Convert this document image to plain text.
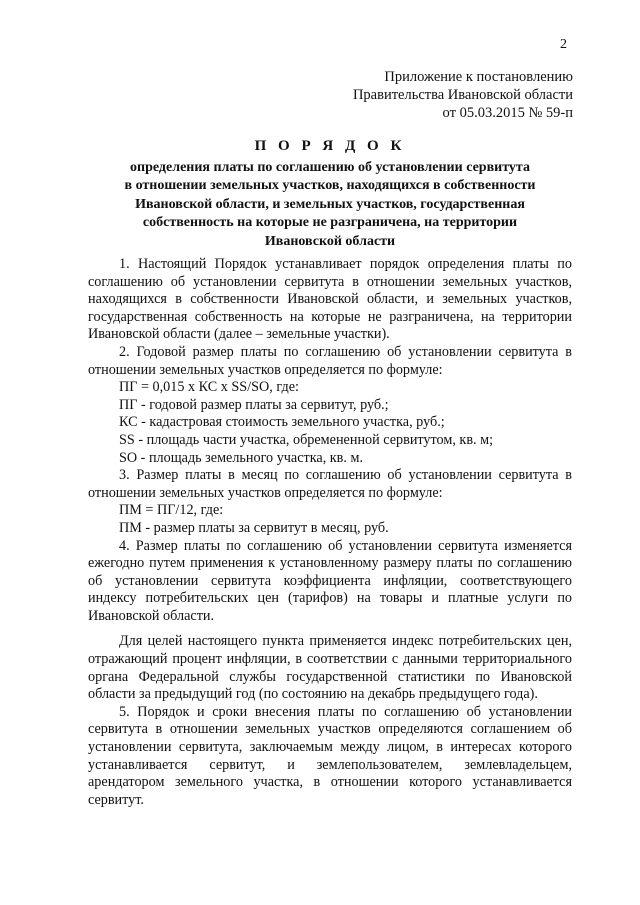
2
Приложение к постановлению
Правительства Ивановской области
от 05.03.2015 № 59-п
П О Р Я Д О К
определения платы по соглашению об установлении сервитута
в отношении земельных участков, находящихся в собственности
Ивановской области, и земельных участков, государственная
собственность на которые не разграничена, на территории
Ивановской области

1. Настоящий Порядок устанавливает порядок определения платы по соглашению об установлении сервитута в отношении земельных участков, находящихся в собственности Ивановской области, и земельных участков, государственная собственность на которые не разграничена, на территории Ивановской области (далее – земельные участки).

2. Годовой размер платы по соглашению об установлении сервитута в отношении земельных участков определяется по формуле:

ПГ = 0,015 х КС х SS/SO, где:

ПГ - годовой размер платы за сервитут, руб.;

КС - кадастровая стоимость земельного участка, руб.;

SS - площадь части участка, обремененной сервитутом, кв. м;

SO - площадь земельного участка, кв. м.

3. Размер платы в месяц по соглашению об установлении сервитута в отношении земельных участков определяется по формуле:

ПМ = ПГ/12, где:

ПМ - размер платы за сервитут в месяц, руб.

4. Размер платы по соглашению об установлении сервитута изменяется ежегодно путем применения к установленному размеру платы по соглашению об установлении сервитута коэффициента инфляции, соответствующего индексу потребительских цен (тарифов) на товары и платные услуги по Ивановской области.

Для целей настоящего пункта применяется индекс потребительских цен, отражающий процент инфляции, в соответствии с данными территориального органа Федеральной службы государственной статистики по Ивановской области за предыдущий год (по состоянию на декабрь предыдущего года).

5. Порядок и сроки внесения платы по соглашению об установлении сервитута в отношении земельных участков определяются соглашением об установлении сервитута, заключаемым между лицом, в интересах которого устанавливается сервитут, и землепользователем, землевладельцем, арендатором земельного участка, в отношении которого устанавливается сервитут.
